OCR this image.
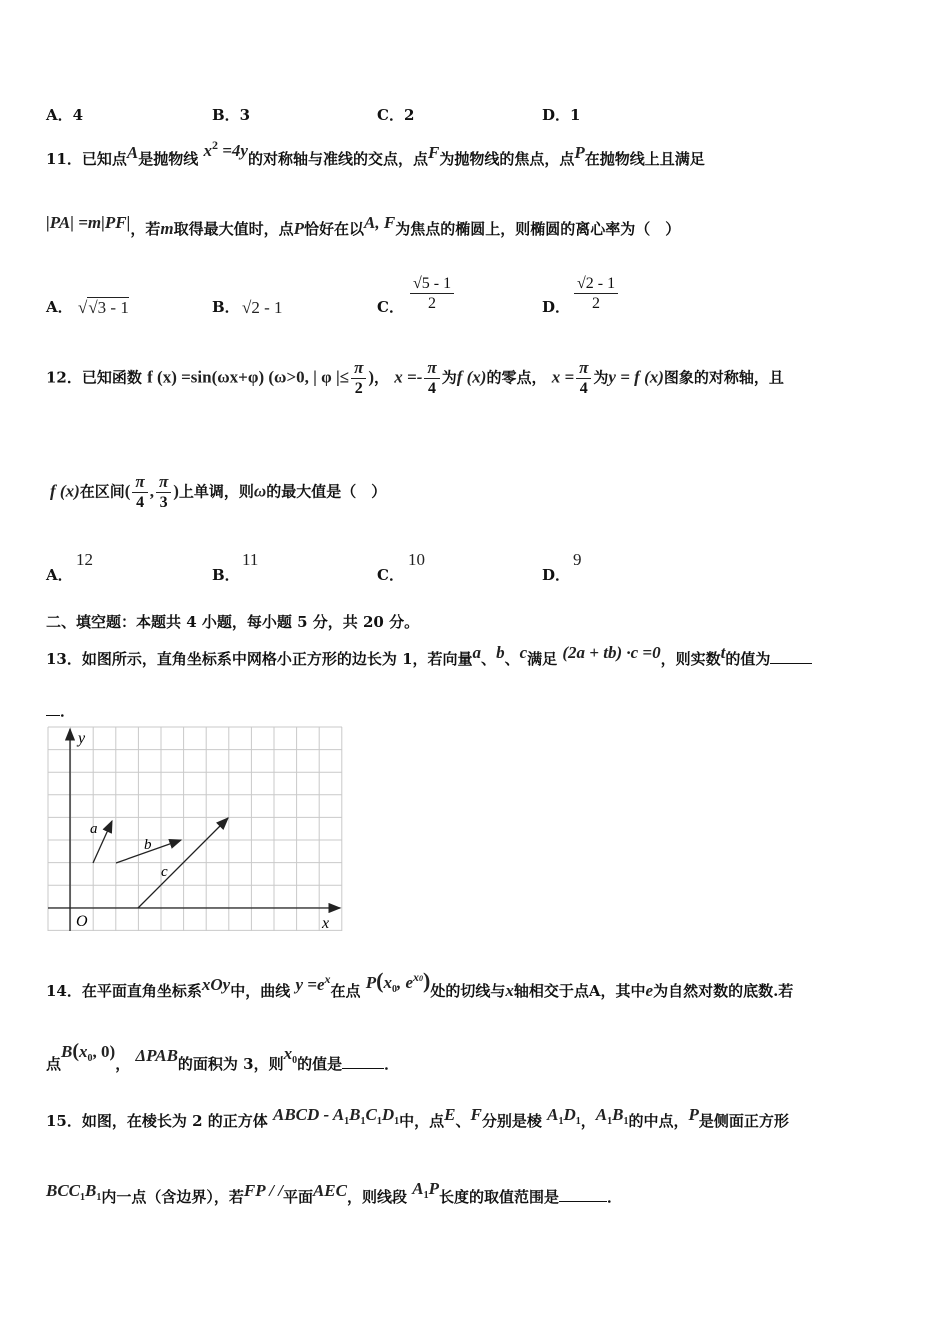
A．4	B．3	C．2	D．1
11．已知点A是抛物线 $x^2 =4y$的对称轴与准线的交点，点F为抛物线的焦点，点P在抛物线上且满足
|PA| =m|PF|，若m取得最大值时，点P恰好在以A, F为焦点的椭圆上，则椭圆的离心率为（　）
A． √√3 - 1	B． √2 - 1	C． $\frac{√5 - 1}{2}$	D． $\frac{√2 - 1}{2}$
12．已知函数 f (x) =sin(ωx+φ) (ω>0, | φ |≤ $\frac{\pi}{2}$ )， $x =- \frac{\pi}{4}$ 为f (x)的零点， $x = \frac{\pi}{4}$ 为y = f (x)图象的对称轴，且
f (x)在区间( $\frac{\pi}{4}$ , $\frac{\pi}{3}$ )上单调，则ω的最大值是（　）
A．
12
B．
11
C．
10
D．
9
二、填空题：本题共 4 小题，每小题 5 分，共 20 分。
13．如图所示，直角坐标系中网格小正方形的边长为 1，若向量a、b、c满足 (2a + tb) ·c =0，则实数t的值为
．
y
x
O
a
b
c
14．在平面直角坐标系xOy中，曲线 $y =e^x$在点 $P(x_0$, $e^{x0}$)处的切线与x轴相交于点A，其中e为自然对数的底数.若
点$B(x_0$, 0)， ΔPAB的面积为 3，则$x_0$的值是	．
15．如图，在棱长为 2 的正方体 ABCD - $A_1B_1C_1D_1$中，点E、F分别是棱 $A_1D_1$，$A_1B_1$的中点，P是侧面正方形
$BCC_1B_1$内一点（含边界），若FP / /平面AEC，则线段 $A_1P$长度的取值范围是	．
